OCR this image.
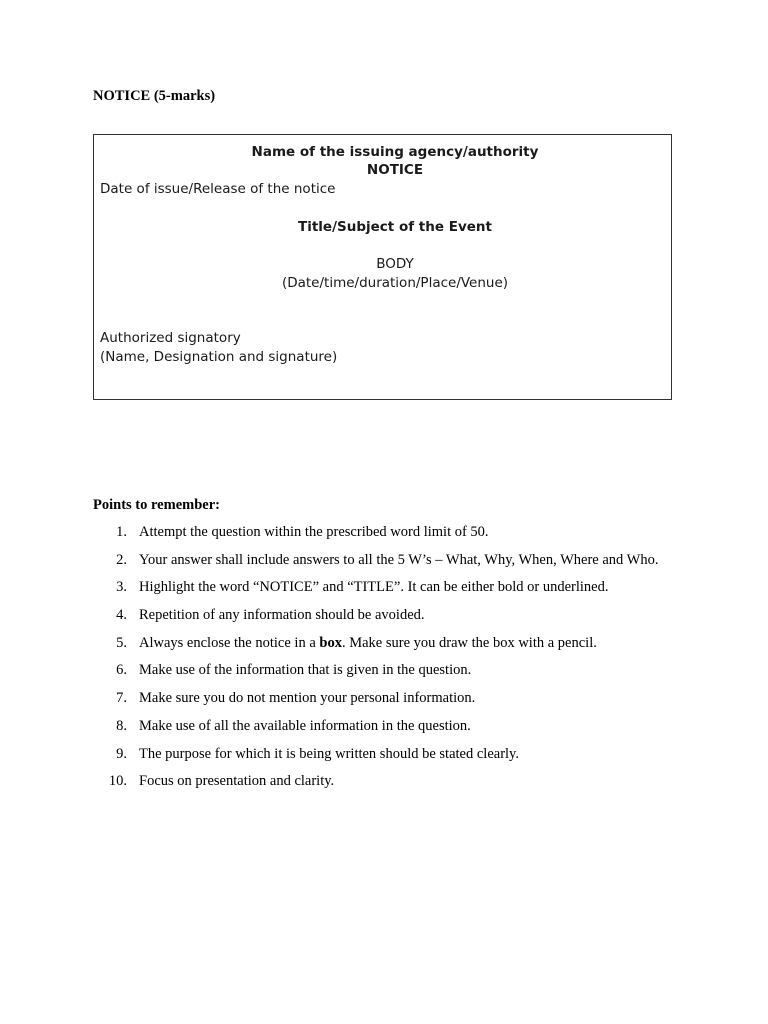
NOTICE (5-marks)
Name of the issuing agency/authority
NOTICE
Date of issue/Release of the notice
Title/Subject of the Event
BODY
(Date/time/duration/Place/Venue)
Authorized signatory
(Name, Designation and signature)
Points to remember:
1. Attempt the question within the prescribed word limit of 50.
2. Your answer shall include answers to all the 5 W’s – What, Why, When, Where and Who.
3. Highlight the word “NOTICE” and “TITLE”. It can be either bold or underlined.
4. Repetition of any information should be avoided.
5. Always enclose the notice in a box. Make sure you draw the box with a pencil.
6. Make use of the information that is given in the question.
7. Make sure you do not mention your personal information.
8. Make use of all the available information in the question.
9. The purpose for which it is being written should be stated clearly.
10. Focus on presentation and clarity.
